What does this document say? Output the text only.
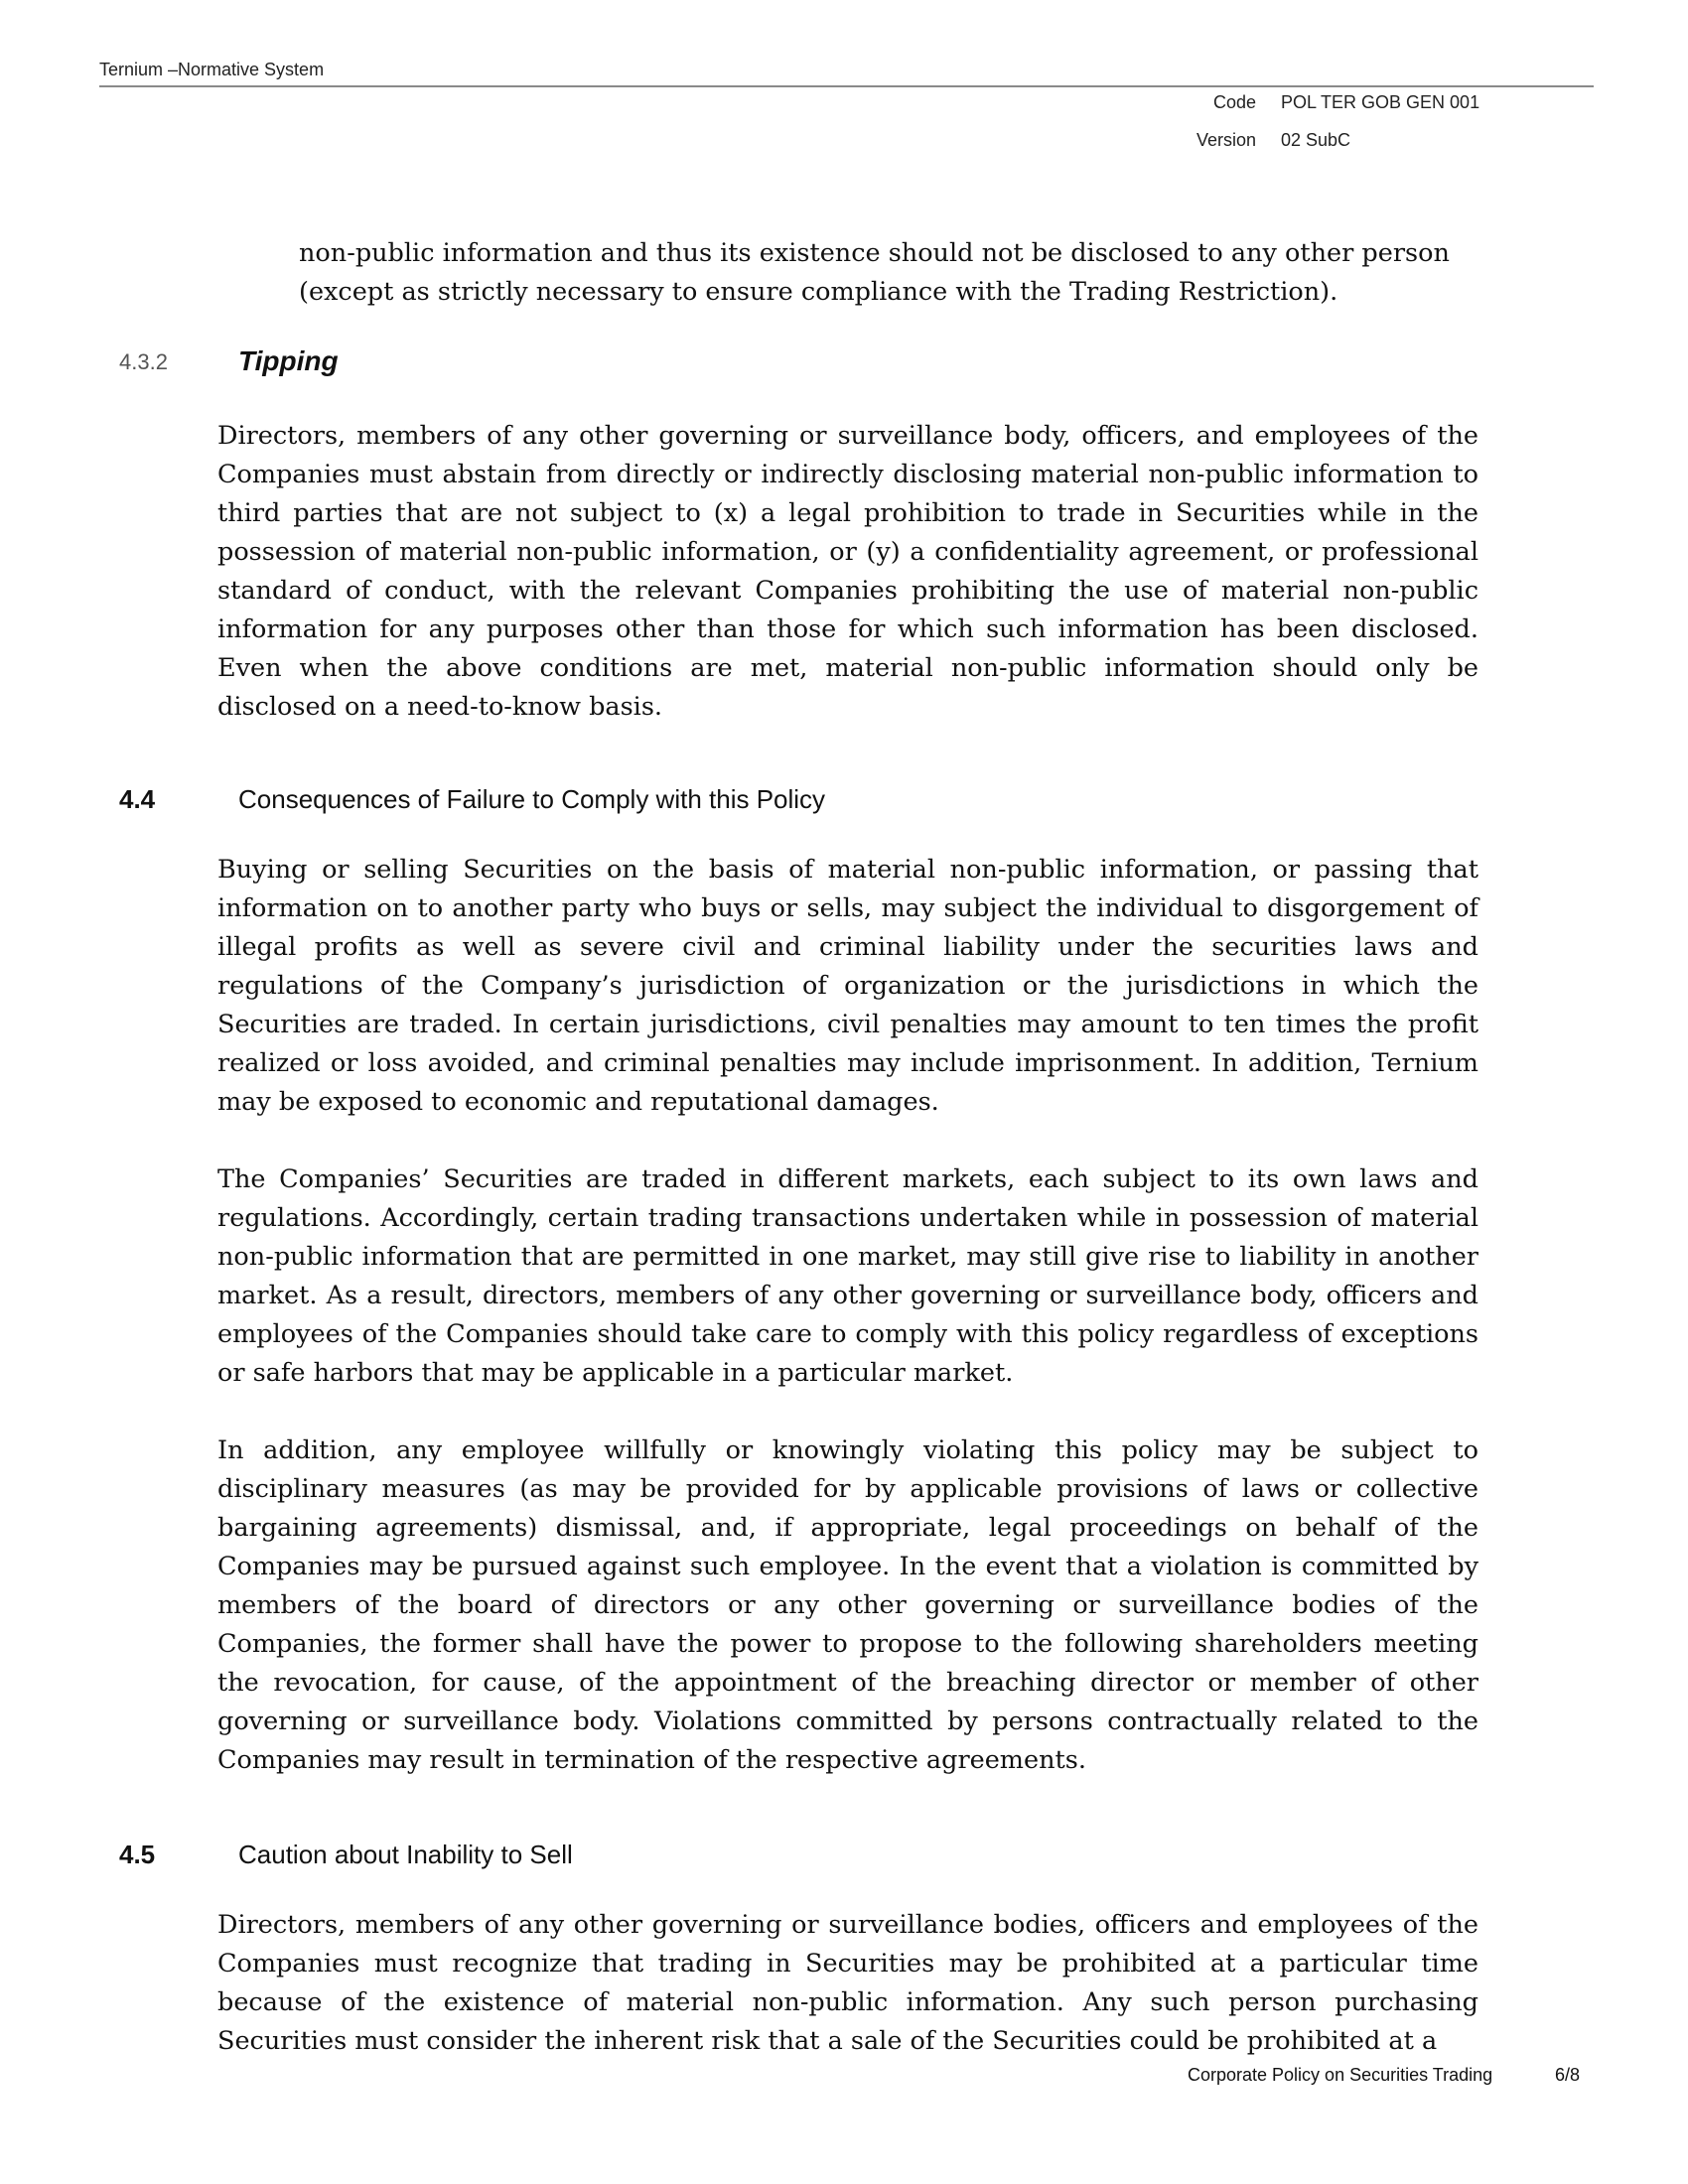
Ternium –Normative System
Code POL TER GOB GEN 001
Version 02 SubC
non-public information and thus its existence should not be disclosed to any other person (except as strictly necessary to ensure compliance with the Trading Restriction).
4.3.2	Tipping
Directors, members of any other governing or surveillance body, officers, and employees of the Companies must abstain from directly or indirectly disclosing material non-public information to third parties that are not subject to (x) a legal prohibition to trade in Securities while in the possession of material non-public information, or (y) a confidentiality agreement, or professional standard of conduct, with the relevant Companies prohibiting the use of material non-public information for any purposes other than those for which such information has been disclosed. Even when the above conditions are met, material non-public information should only be disclosed on a need-to-know basis.
4.4	Consequences of Failure to Comply with this Policy
Buying or selling Securities on the basis of material non-public information, or passing that information on to another party who buys or sells, may subject the individual to disgorgement of illegal profits as well as severe civil and criminal liability under the securities laws and regulations of the Company’s jurisdiction of organization or the jurisdictions in which the Securities are traded. In certain jurisdictions, civil penalties may amount to ten times the profit realized or loss avoided, and criminal penalties may include imprisonment. In addition, Ternium may be exposed to economic and reputational damages.
The Companies’ Securities are traded in different markets, each subject to its own laws and regulations. Accordingly, certain trading transactions undertaken while in possession of material non-public information that are permitted in one market, may still give rise to liability in another market. As a result, directors, members of any other governing or surveillance body, officers and employees of the Companies should take care to comply with this policy regardless of exceptions or safe harbors that may be applicable in a particular market.
In addition, any employee willfully or knowingly violating this policy may be subject to disciplinary measures (as may be provided for by applicable provisions of laws or collective bargaining agreements) dismissal, and, if appropriate, legal proceedings on behalf of the Companies may be pursued against such employee. In the event that a violation is committed by members of the board of directors or any other governing or surveillance bodies of the Companies, the former shall have the power to propose to the following shareholders meeting the revocation, for cause, of the appointment of the breaching director or member of other governing or surveillance body. Violations committed by persons contractually related to the Companies may result in termination of the respective agreements.
4.5	Caution about Inability to Sell
Directors, members of any other governing or surveillance bodies, officers and employees of the Companies must recognize that trading in Securities may be prohibited at a particular time because of the existence of material non-public information. Any such person purchasing Securities must consider the inherent risk that a sale of the Securities could be prohibited at a
Corporate Policy on Securities Trading	6/8
